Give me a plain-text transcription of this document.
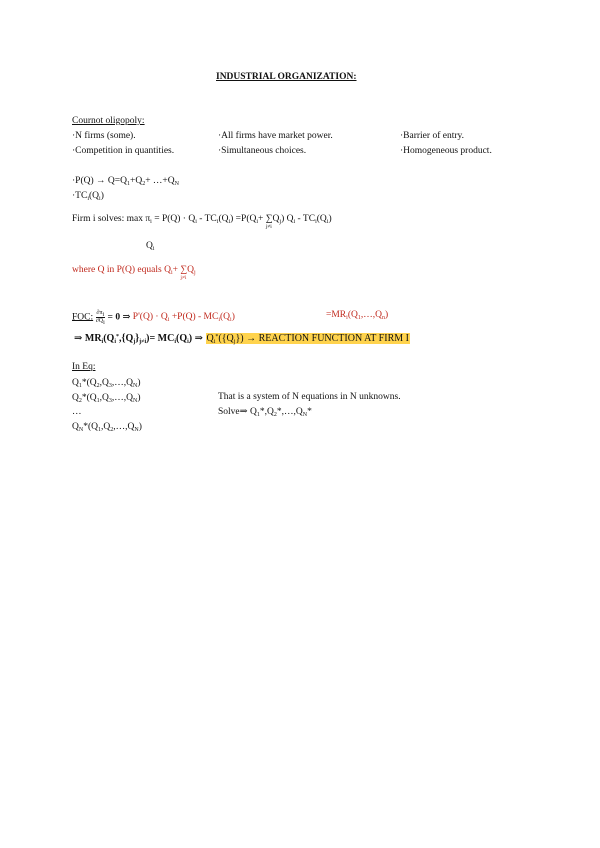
INDUSTRIAL ORGANIZATION:
Cournot oligopoly:
·N firms (some).	·All firms have market power.	·Barrier of entry.
·Competition in quantities.	·Simultaneous choices.	·Homogeneous product.
$\cdot P(Q) \to Q=Q_1+Q_2+$ $\dots+Q_N$
$\cdot TC_i(Q_i)$
Firm i solves: $\max \pi_i = P(Q) \cdot Q_i - TC_i(Q_i) =P(Q_i+$ ∑
j≠i
$Q_j$) $Q_i - TC_i(Q_i)$
$Q_i$
where Q in P(Q) equals $Q_i+$ ∑
j≠i
$Q_j$
FOC: $\frac{\partial\pi_i}{\partial Q_i} = 0$ ⇒ $P'(Q) \cdot Q_i +P(Q) - MC_i(Q_i)$	$=MR_i(Q_1,\dots,Q_n)$
⇒ $MR_i(Q_i^*,\{Q_j\}_{j\ne i})= MC_i(Q_i)$ ⇒ $Q_i^*(\{Q_j\})$ → REACTION FUNCTION AT FIRM I
In Eq:
$Q_1*(Q_2,Q_3,\dots,Q_N)$
$Q_2*(Q_1,Q_3,\dots,Q_N)$
…
$Q_N*(Q_1,Q_2,\dots,Q_N)$
That is a system of N equations in N unknowns.
Solve⇒ $Q_1*,Q_2*,\dots,Q_N*$
